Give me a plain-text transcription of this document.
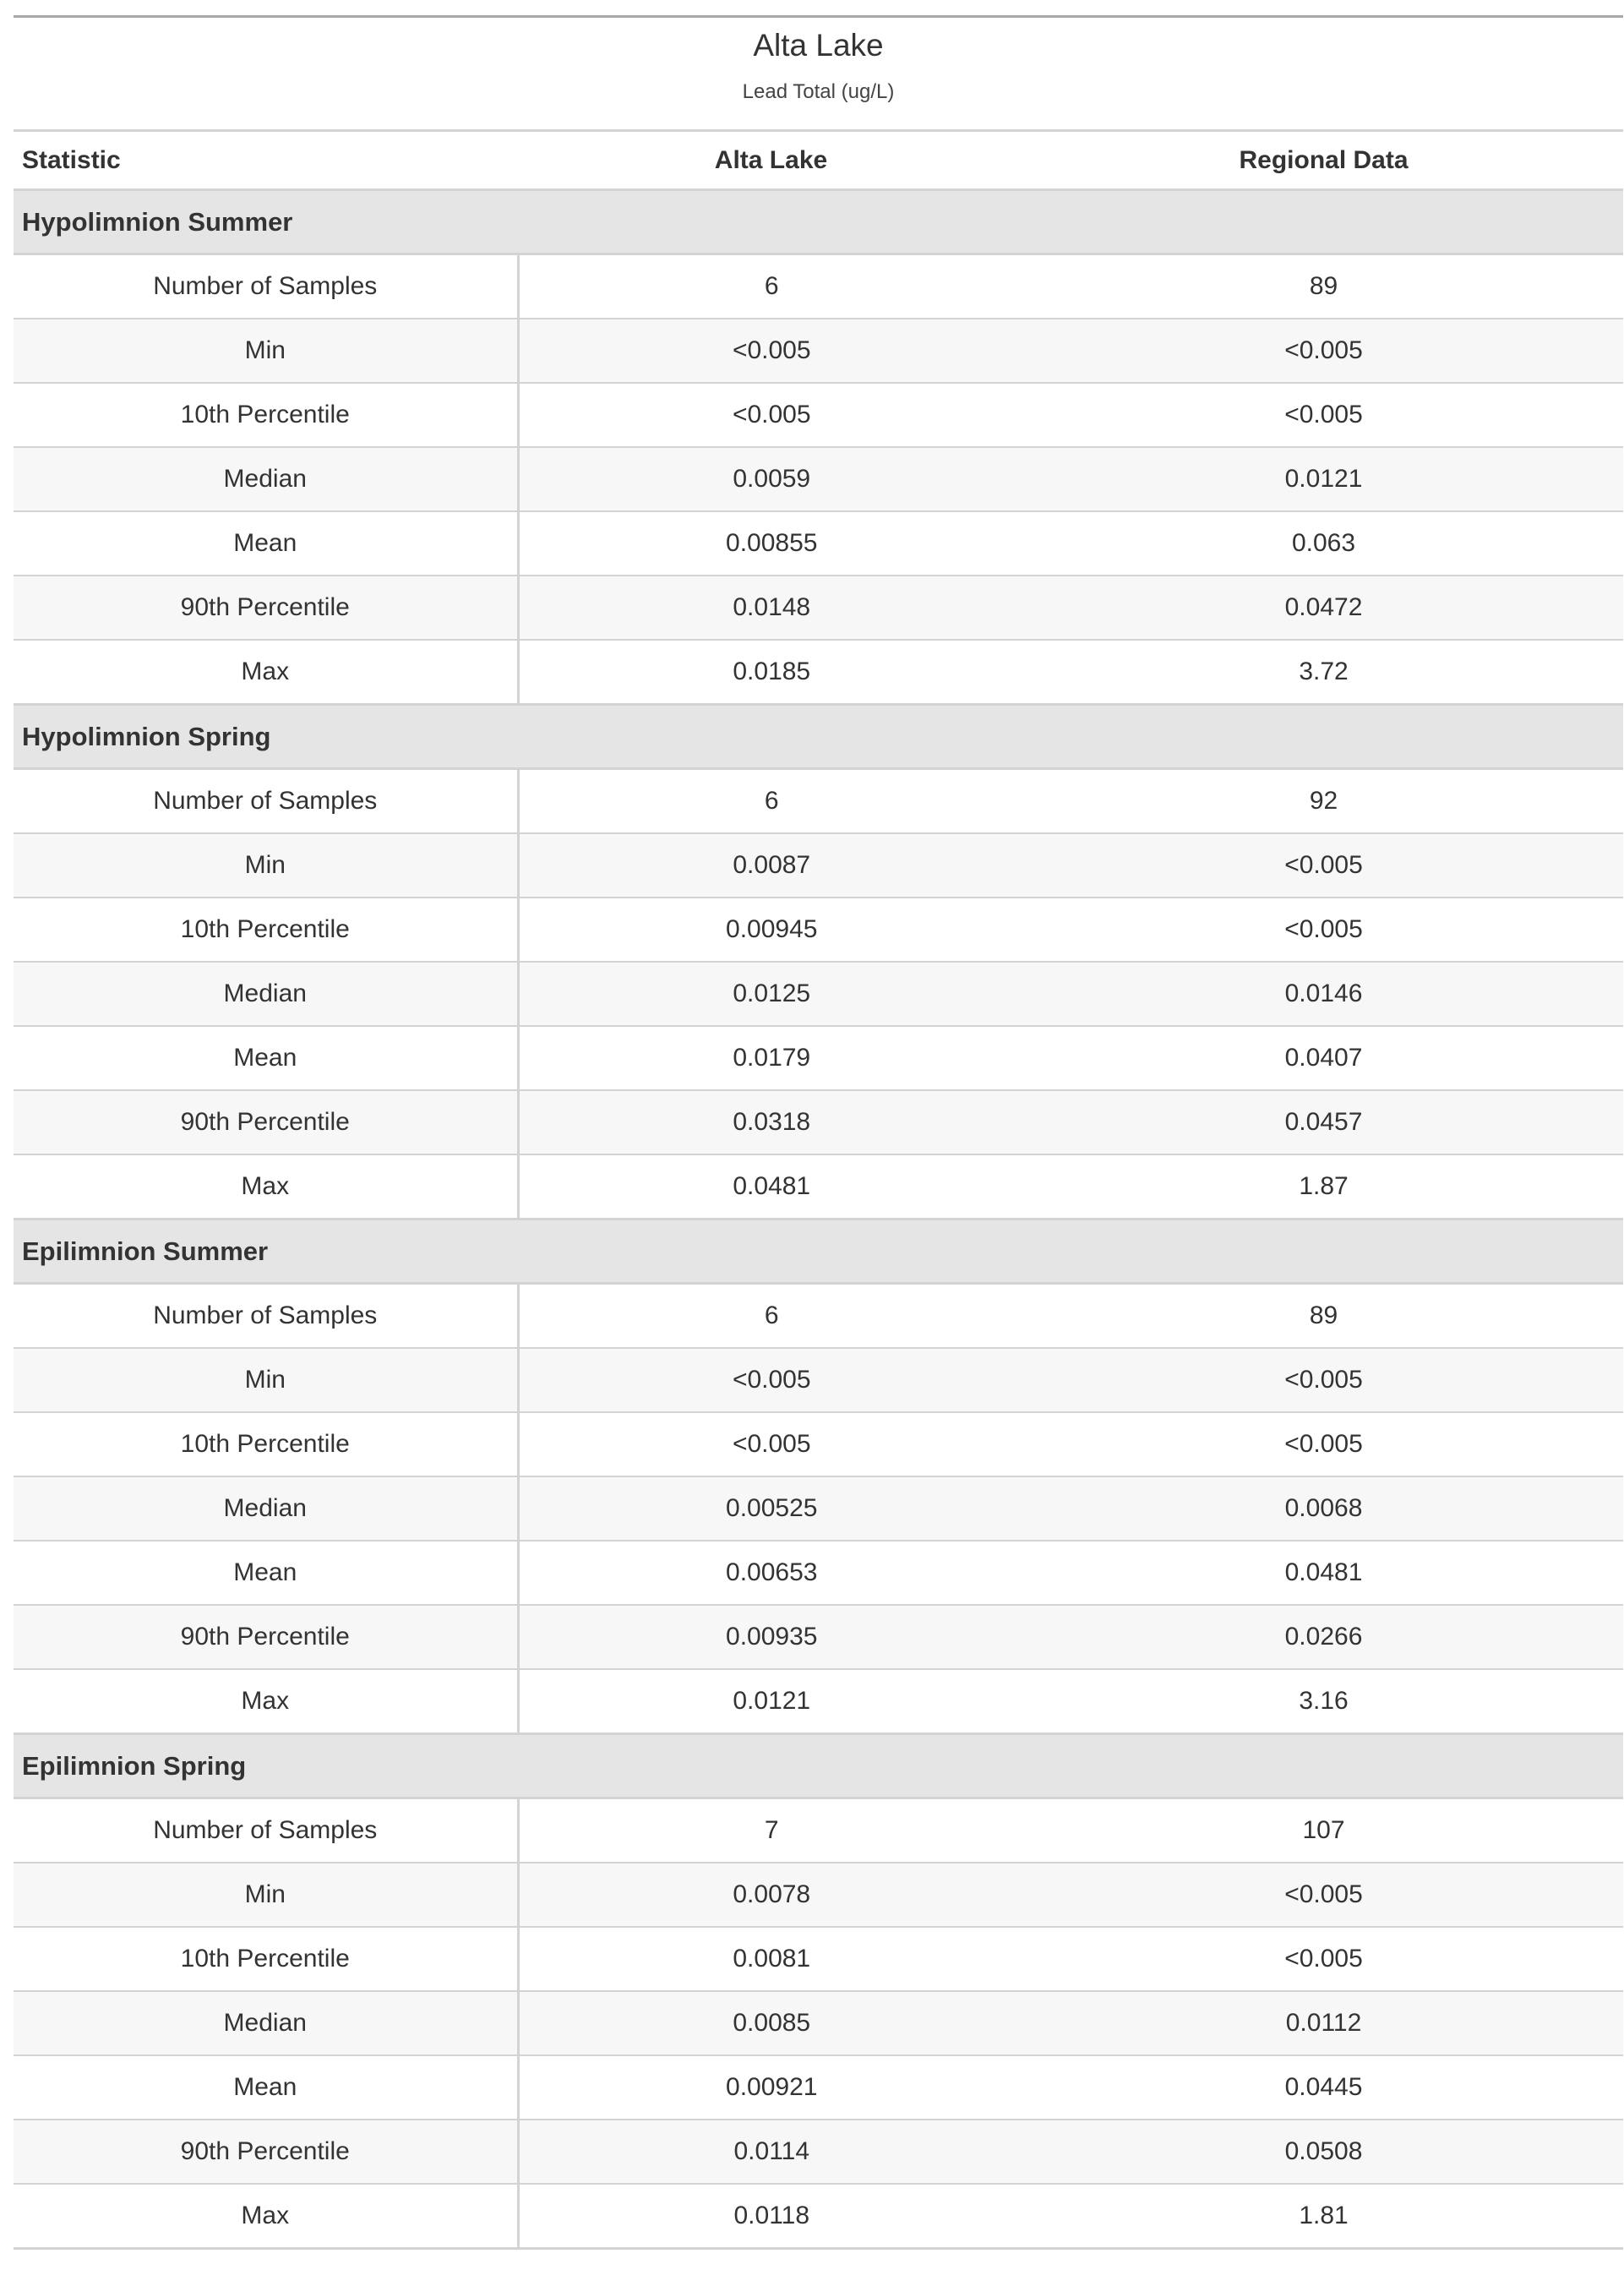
Alta Lake		

Lead Total (ug/L)		

Statistic	Alta Lake	Regional Data
Hypolimnion Summer		
Number of Samples	6	89
Min	<0.005	<0.005
10th Percentile	<0.005	<0.005
Median	0.0059	0.0121
Mean	0.00855	0.063
90th Percentile	0.0148	0.0472
Max	0.0185	3.72
Hypolimnion Spring		
Number of Samples	6	92
Min	0.0087	<0.005
10th Percentile	0.00945	<0.005
Median	0.0125	0.0146
Mean	0.0179	0.0407
90th Percentile	0.0318	0.0457
Max	0.0481	1.87
Epilimnion Summer		
Number of Samples	6	89
Min	<0.005	<0.005
10th Percentile	<0.005	<0.005
Median	0.00525	0.0068
Mean	0.00653	0.0481
90th Percentile	0.00935	0.0266
Max	0.0121	3.16
Epilimnion Spring		
Number of Samples	7	107
Min	0.0078	<0.005
10th Percentile	0.0081	<0.005
Median	0.0085	0.0112
Mean	0.00921	0.0445
90th Percentile	0.0114	0.0508
Max	0.0118	1.81
